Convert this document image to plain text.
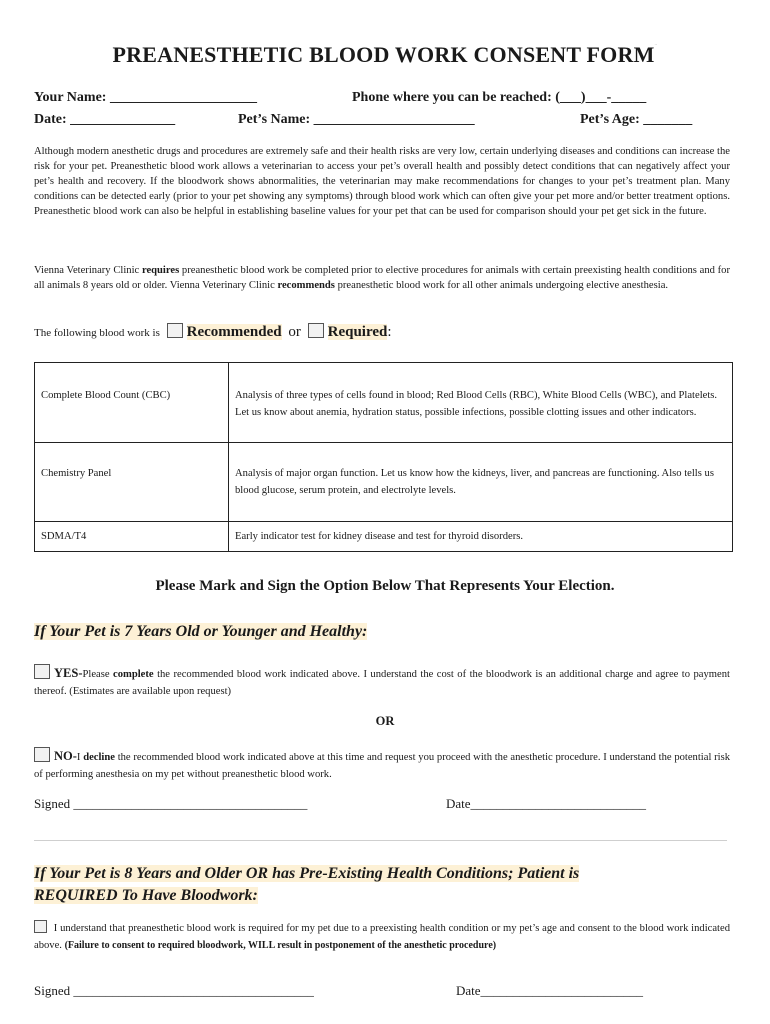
PREANESTHETIC BLOOD WORK CONSENT FORM..
Your Name: _____________________	Phone where you can be reached: (___)___-_____
Date: _______________	Pet’s Name: _______________________	Pet’s Age: _______
Although modern anesthetic drugs and procedures are extremely safe and their health risks are very low, certain underlying diseases and conditions can increase the risk for your pet. Preanesthetic blood work allows a veterinarian to access your pet’s overall health and possibly detect conditions that can negatively affect your pet’s health and recovery. If the bloodwork shows abnormalities, the veterinarian may make recommendations for changes to your pet’s treatment plan. Many conditions can be detected early (prior to your pet showing any symptoms) through blood work which can often give your pet more and/or better treatment options. Preanesthetic blood work can also be helpful in establishing baseline values for your pet that can be used for comparison should your pet get sick in the future.
Vienna Veterinary Clinic requires preanesthetic blood work be completed prior to elective procedures for animals with certain preexisting health conditions and for all animals 8 years old or older. Vienna Veterinary Clinic recommends preanesthetic blood work for all other animals undergoing elective anesthesia.
The following blood work is Recommended or Required:
Complete Blood Count (CBC)	Analysis of three types of cells found in blood; Red Blood Cells (RBC), White Blood Cells (WBC), and Platelets. Let us know about anemia, hydration status, possible infections, possible clotting issues and other indicators.
Chemistry Panel	Analysis of major organ function. Let us know how the kidneys, liver, and pancreas are functioning. Also tells us blood glucose, serum protein, and electrolyte levels.
SDMA/T4	Early indicator test for kidney disease and test for thyroid disorders.
Please Mark and Sign the Option Below That Represents Your Election.
If Your Pet is 7 Years Old or Younger and Healthy:
YES-Please complete the recommended blood work indicated above. I understand the cost of the bloodwork is an additional charge and agree to payment thereof. (Estimates are available upon request)
OR
NO-I decline the recommended blood work indicated above at this time and request you proceed with the anesthetic procedure. I understand the potential risk of performing anesthesia on my pet without preanesthetic blood work.
Signed ____________________________________	Date___________________________
If Your Pet is 8 Years and Older OR has Pre-Existing Health Conditions; Patient is
REQUIRED To Have Bloodwork:
I understand that preanesthetic blood work is required for my pet due to a preexisting health condition or my pet’s age and consent to the blood work indicated above. (Failure to consent to required bloodwork, WILL result in postponement of the anesthetic procedure)
Signed _____________________________________	Date_________________________
